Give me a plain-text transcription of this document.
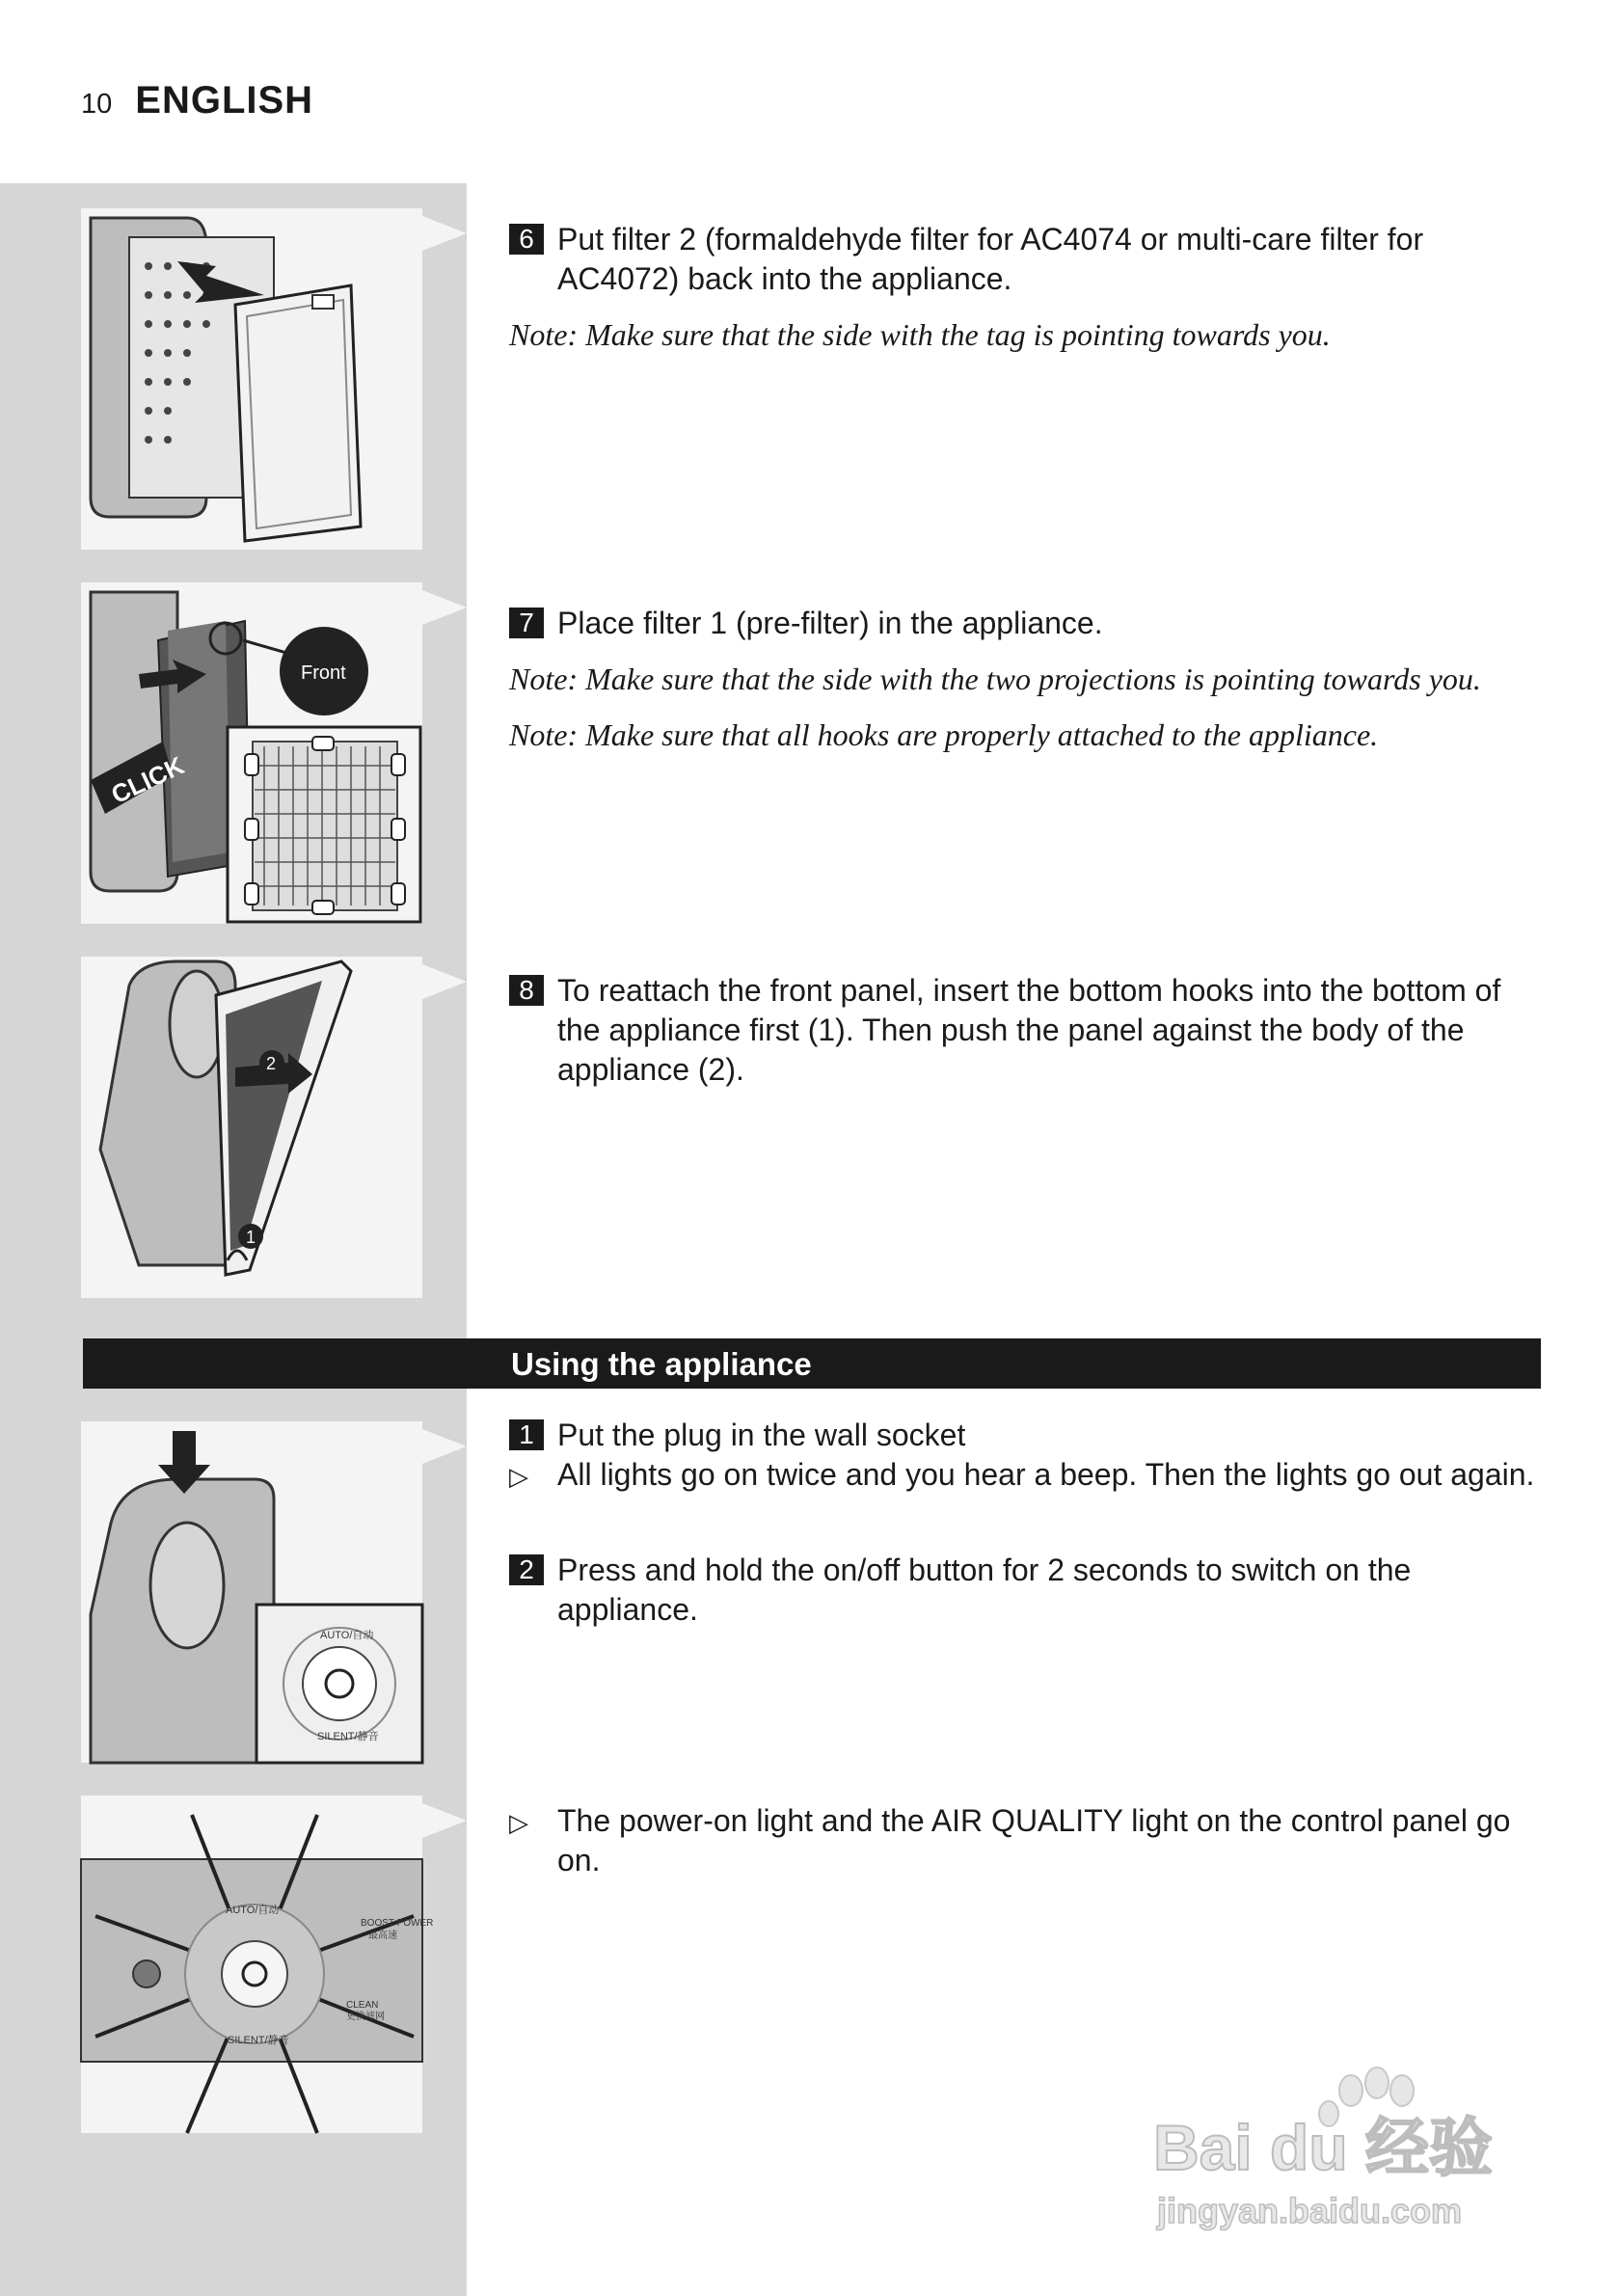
10 ENGLISH
CLICK
Front
2
1
AUTO/自动
SILENT/静音
AUTO/自动
SILENT/静音
BOOST POWER
最高速
CLEAN
更换滤网
6 Put filter 2 (formaldehyde filter for AC4074 or multi-care filter for AC4072) back into the appliance.
Note: Make sure that the side with the tag is pointing towards you.
7 Place filter 1 (pre-filter) in the appliance.
Note: Make sure that the side with the two projections is pointing towards you.
Note: Make sure that all hooks are properly attached to the appliance.
8 To reattach the front panel, insert the bottom hooks into the bottom of the appliance first (1). Then push the panel against the body of the appliance (2).
Using the appliance
1 Put the plug in the wall socket
▷ All lights go on twice and you hear a beep. Then the lights go out again.
2 Press and hold the on/off button for 2 seconds to switch on the appliance.
▷ The power-on light and the AIR QUALITY light on the control panel go on.
Bai du 经验
jingyan.baidu.com
